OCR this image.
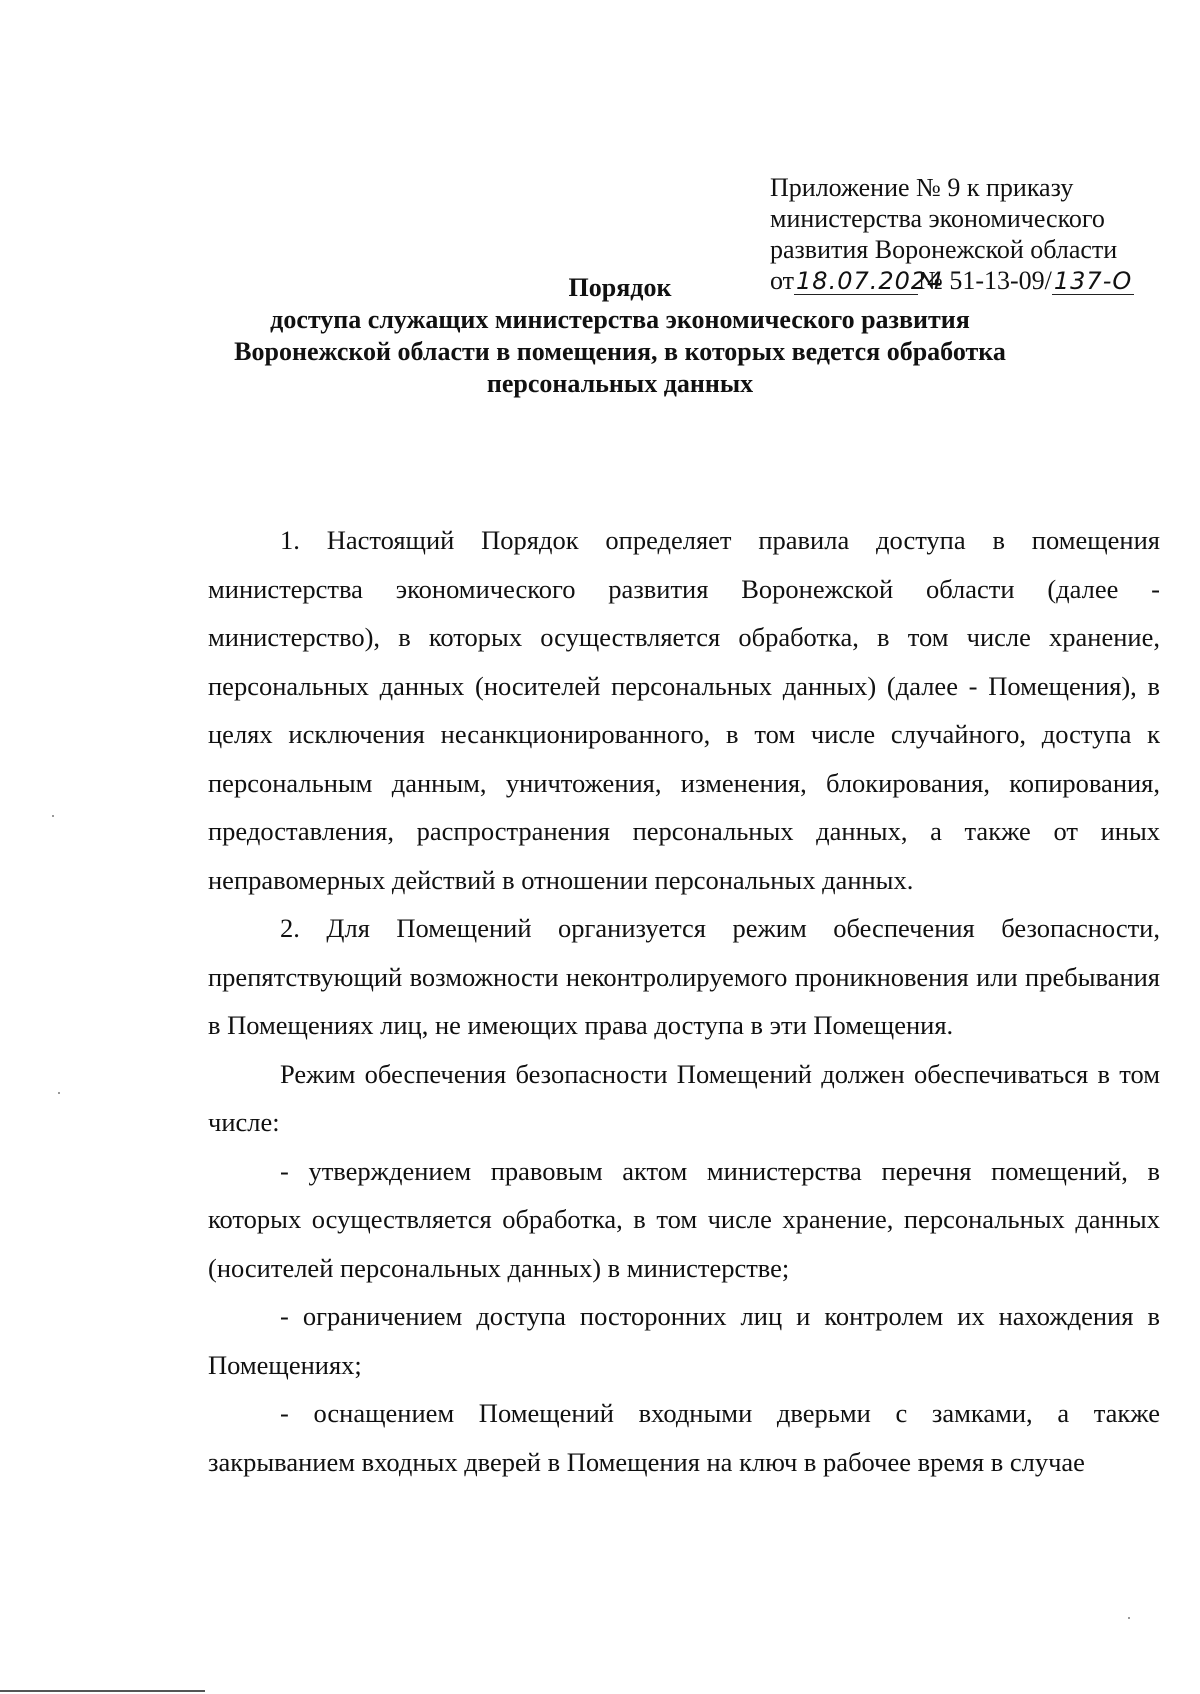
Приложение № 9 к приказу
министерства экономического
развития Воронежской области
от18.07.2024№ 51-13-09/137-О
Порядок
доступа служащих министерства экономического развития
Воронежской области в помещения, в которых ведется обработка
персональных данных

1. Настоящий Порядок определяет правила доступа в помещения министерства экономического развития Воронежской области (далее - министерство), в которых осуществляется обработка, в том числе хранение, персональных данных (носителей персональных данных) (далее - Помещения), в целях исключения несанкционированного, в том числе случайного, доступа к персональным данным, уничтожения, изменения, блокирования, копирования, предоставления, распространения персональных данных, а также от иных неправомерных действий в отношении персональных данных.

2. Для Помещений организуется режим обеспечения безопасности, препятствующий возможности неконтролируемого проникновения или пребывания в Помещениях лиц, не имеющих права доступа в эти Помещения.

Режим обеспечения безопасности Помещений должен обеспечиваться в том числе:

- утверждением правовым актом министерства перечня помещений, в которых осуществляется обработка, в том числе хранение, персональных данных (носителей персональных данных) в министерстве;

- ограничением доступа посторонних лиц и контролем их нахождения в Помещениях;

- оснащением Помещений входными дверьми с замками, а также закрыванием входных дверей в Помещения на ключ в рабочее время в случае
